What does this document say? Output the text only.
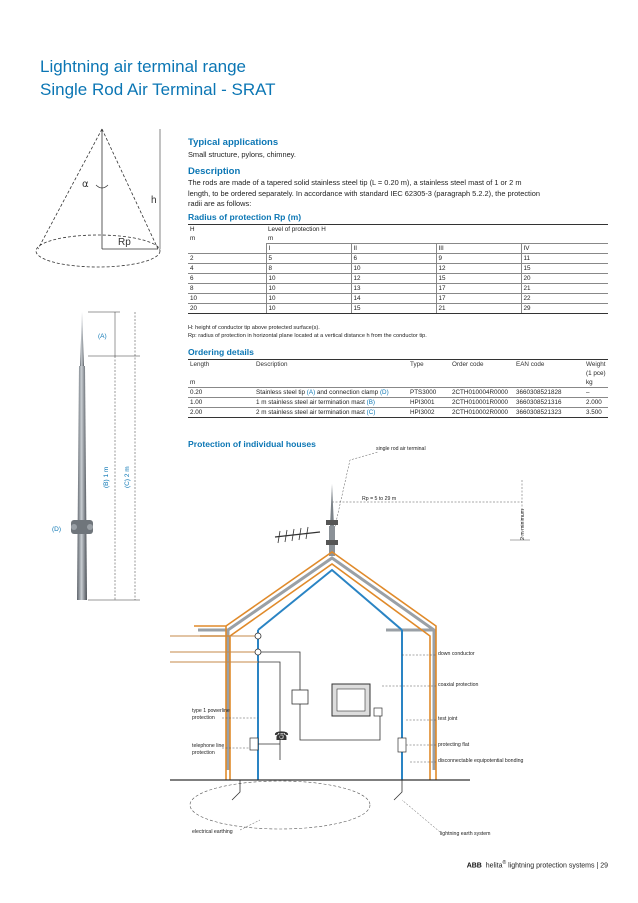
Lightning air terminal range
Single Rod Air Terminal - SRAT
α
h
Rp
(A)
(B) 1 m (C) 2 m
(D)
Typical applications
Small structure, pylons, chimney.
Description
The rods are made of a tapered solid stainless steel tip (L = 0.20 m), a stainless steel mast of 1 or 2 m
length, to be ordered separately. In accordance with standard IEC 62305-3 (paragraph 5.2.2), the protection
radii are as follows:
Radius of protection Rp (m)
H	Level of protection H			
m	m			
	I	II	III	IV
2	5	6	9	11
4	8	10	12	15
6	10	12	15	20
8	10	13	17	21
10	10	14	17	22
20	10	15	21	29
H: height of conductor tip above protected surface(s).
Rp: radius of protection in horizontal plane located at a vertical distance h from the conductor tip.
Ordering details
Length	Description	Type	Order code	EAN code	Weight
					(1 pce)
m					kg
0.20	Stainless steel tip (A) and connection clamp (D)	PTS3000	2CTH010004R0000	3660308521828	–
1.00	1 m stainless steel air termination mast (B)	HPI3001	2CTH010001R0000	3660308521316	2.000
2.00	2 m stainless steel air termination mast (C)	HPI3002	2CTH010002R0000	3660308521323	3.500
Protection of individual houses
☎
single rod air terminal
Rp = 5 to 29 m
2 m minimum
down conductor
coaxial protection
test joint
protecting flat
disconnectable equipotential bonding
type 1 powerline
protection
telephone line
protection
electrical earthing	lightning earth system
ABB helita® lightning protection systems | 29
